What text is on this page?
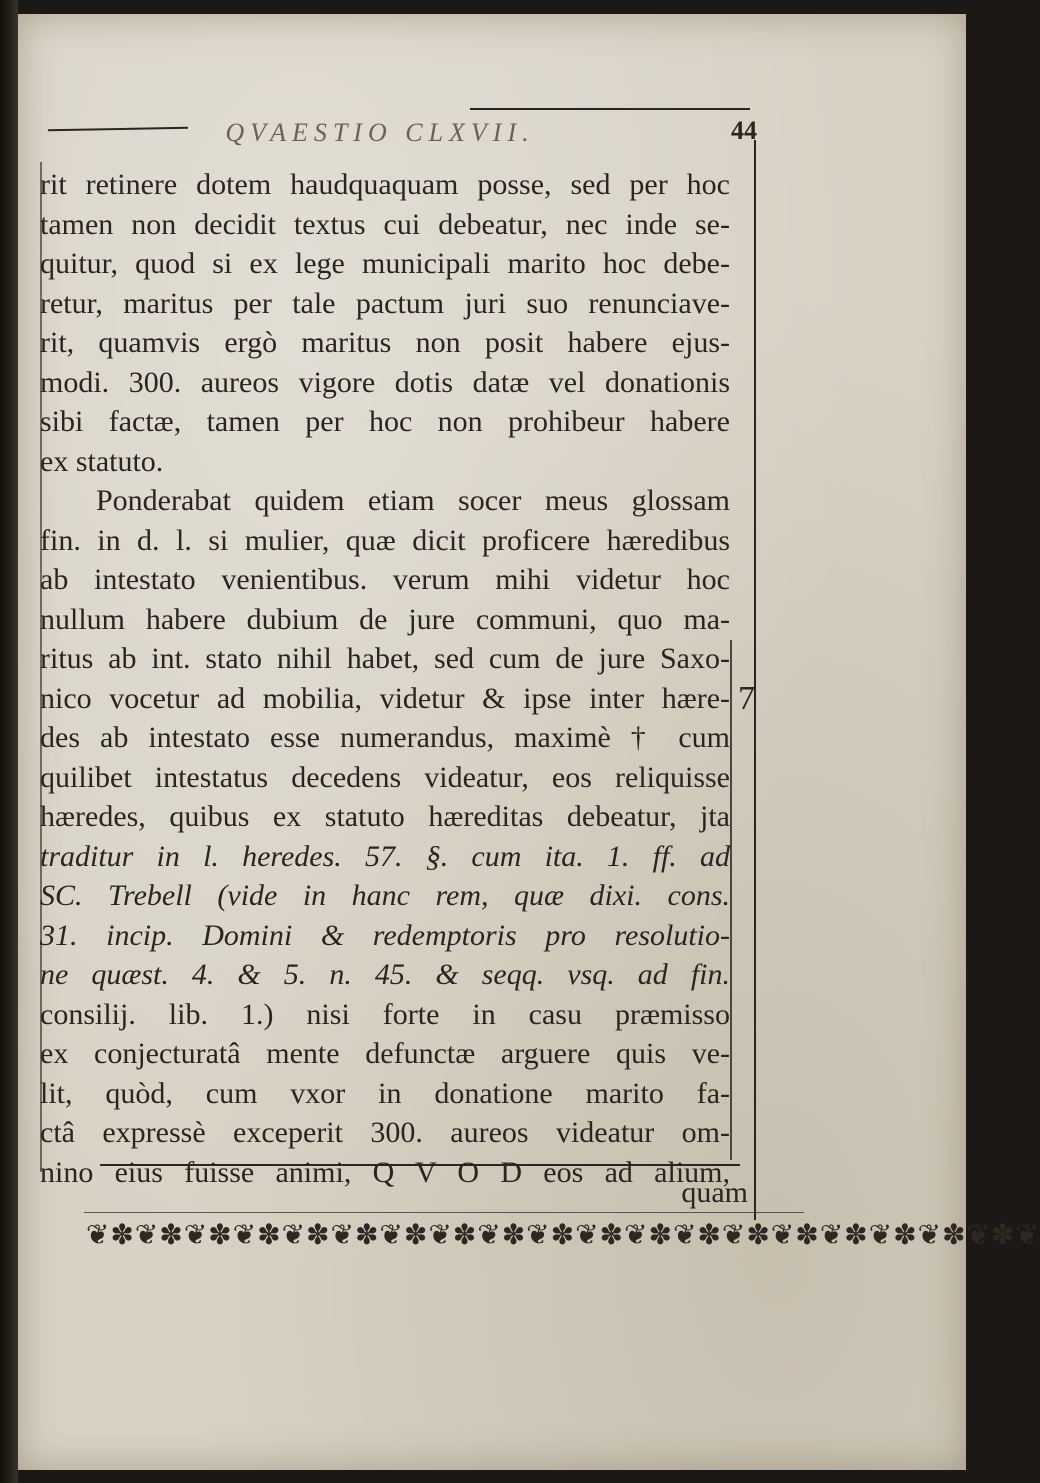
QVAESTIO CLXVII.	44
rit retinere dotem haudquaquam posse, sed per hoc
tamen non decidit textus cui debeatur, nec inde se-
quitur, quod si ex lege municipali marito hoc debe-
retur, maritus per tale pactum juri suo renunciave-
rit, quamvis ergò maritus non posit habere ejus-
modi. 300. aureos vigore dotis datæ vel donationis
sibi factæ, tamen per hoc non prohibeur habere
ex statuto.
Ponderabat quidem etiam socer meus glossam
fin. in d. l. si mulier, quæ dicit proficere hæredibus
ab intestato venientibus. verum mihi videtur hoc
nullum habere dubium de jure communi, quo ma-
ritus ab int. stato nihil habet, sed cum de jure Saxo-
nico vocetur ad mobilia, videtur & ipse inter hære-
des ab intestato esse numerandus, maximè † cum
quilibet intestatus decedens videatur, eos reliquisse
hæredes, quibus ex statuto hæreditas debeatur, jta
traditur in l. heredes. 57. §. cum ita. 1. ff. ad
SC. Trebell (vide in hanc rem, quæ dixi. cons.
31. incip. Domini & redemptoris pro resolutio-
ne quæst. 4. & 5. n. 45. & seqq. vsq. ad fin.
consilij. lib. 1.) nisi forte in casu præmisso
ex conjecturatâ mente defunctæ arguere quis ve-
lit, quòd, cum vxor in donatione marito fa-
ctâ expressè exceperit 300. aureos videatur om-
nino eius fuisse animi, Q V O D eos ad alium,
7
quam
❦✽❦✽❦✽❦✽❦✽❦✽❦✽❦✽❦✽❦✽❦✽❦✽❦✽❦✽❦✽❦✽❦✽❦✽❦✽❦
